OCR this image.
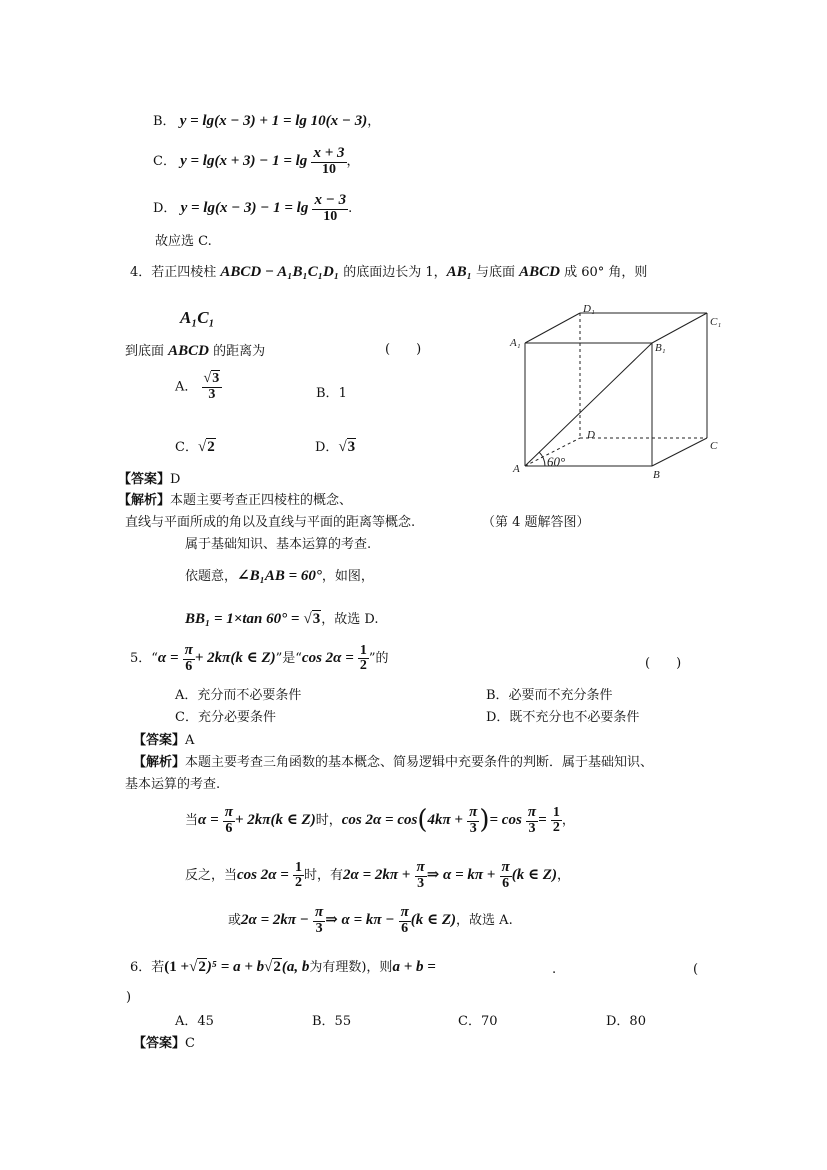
B． y = lg(x − 3) + 1 = lg 10(x − 3)，
C． $y = \lg(x + 3) - 1 = \lg \frac{x + 3}{10}$ ，
D． $y = \lg(x - 3) - 1 = \lg \frac{x - 3}{10}$ .
故应选 C.
4．若正四棱柱 ABCD − A₁B₁C₁D₁ 的底面边长为 1，AB₁ 与底面 ABCD 成 60° 角，则
A₁C₁
到底面 ABCD 的距离为	(　　)
A． $\frac{√3}{3}$	B．1
C．√2	D．√3
D₁
C₁
A₁	B₁
D
C
A	B
60°
【答案】D
【解析】本题主要考查正四棱柱的概念、
直线与平面所成的角以及直线与平面的距离等概念.	（第 4 题解答图）
属于基础知识、基本运算的考查.
依题意，∠B₁AB = 60°，如图，
BB₁ = 1×tan 60° = √3，故选 D.
5．“$\alpha = \frac{\pi}{6} + 2k\pi(k$ ∈ Z)”是“cos $2\alpha = \frac{1}{2}$ ”的	(　　)
A．充分而不必要条件	B．必要而不充分条件
C．充分必要条件	D．既不充分也不必要条件
【答案】A
【解析】本题主要考查三角函数的基本概念、简易逻辑中充要条件的判断．属于基础知识、
基本运算的考查.
当$\alpha = \frac{\pi}{6} + 2k\pi(k$ ∈ Z)时，$\cos 2\alpha = \cos(4k\pi + \frac{\pi}{3}$ )= $\cos \frac{\pi}{3} = \frac{1}{2}$ ，
反之，当$\cos 2\alpha = \frac{1}{2}$ 时，有$2\alpha = 2k\pi + \frac{\pi}{3}$ ⇒ $\alpha = k\pi + \frac{\pi}{6} (k$ ∈ Z)，
或$2\alpha = 2k\pi - \frac{\pi}{3}$ ⇒ $\alpha = k\pi - \frac{\pi}{6} (k$ ∈ Z)，故选 A.
6．若(1 +√2)⁵ = a + b√2(a, b为有理数)，则a + b =	.	(
)
A．45	B．55	C．70	D．80
【答案】C
